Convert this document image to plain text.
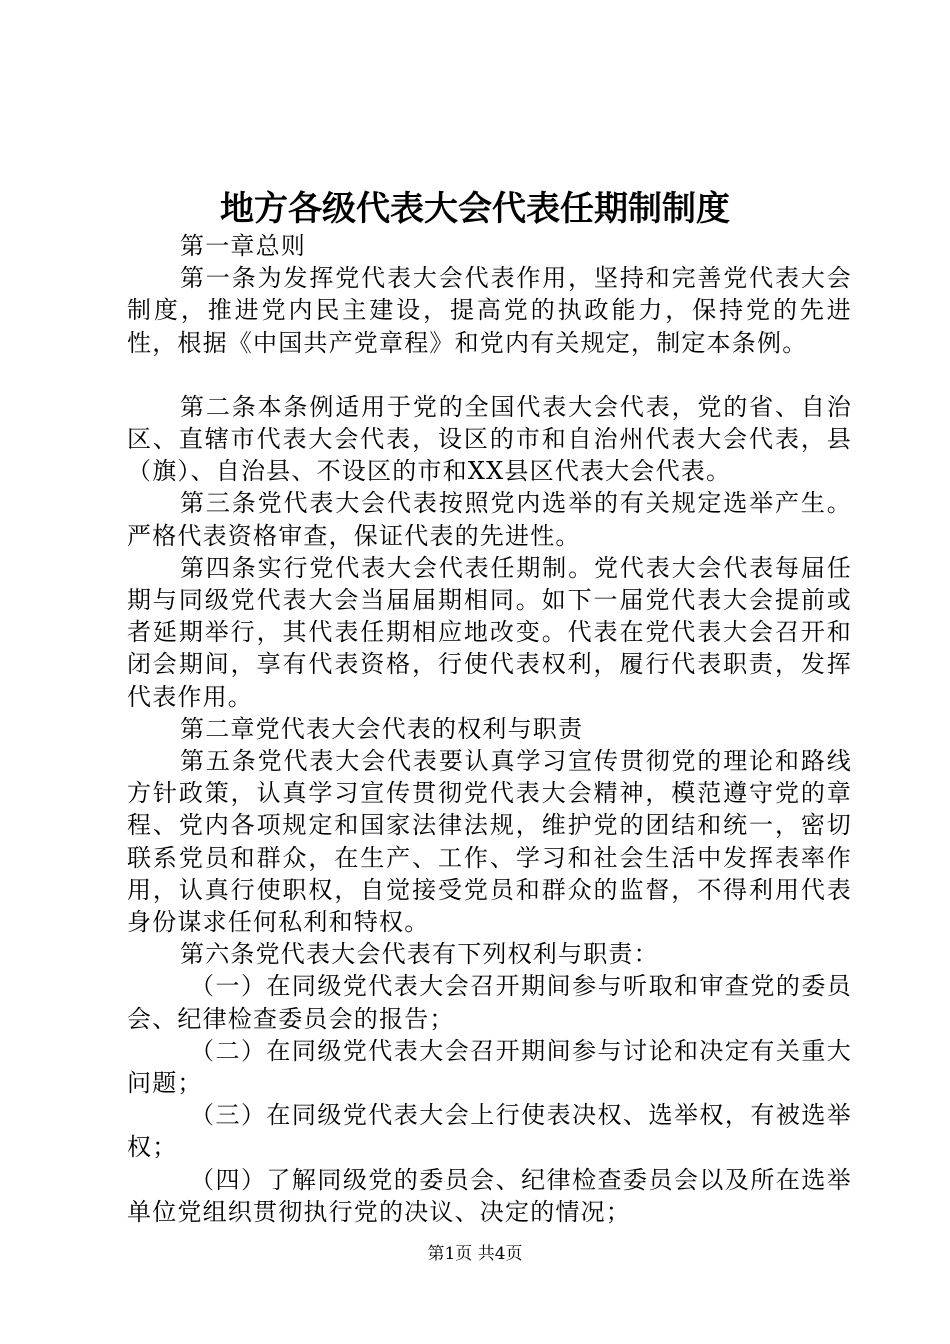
地方各级代表大会代表任期制制度

第一章总则

第一条为发挥党代表大会代表作用，坚持和完善党代表大会制度，推进党内民主建设，提高党的执政能力，保持党的先进性，根据《中国共产党章程》和党内有关规定，制定本条例。

第二条本条例适用于党的全国代表大会代表，党的省、自治区、直辖市代表大会代表，设区的市和自治州代表大会代表，县（旗）、自治县、不设区的市和XX县区代表大会代表。

第三条党代表大会代表按照党内选举的有关规定选举产生。严格代表资格审查，保证代表的先进性。

第四条实行党代表大会代表任期制。党代表大会代表每届任期与同级党代表大会当届届期相同。如下一届党代表大会提前或者延期举行，其代表任期相应地改变。代表在党代表大会召开和闭会期间，享有代表资格，行使代表权利，履行代表职责，发挥代表作用。

第二章党代表大会代表的权利与职责

第五条党代表大会代表要认真学习宣传贯彻党的理论和路线方针政策，认真学习宣传贯彻党代表大会精神，模范遵守党的章程、党内各项规定和国家法律法规，维护党的团结和统一，密切联系党员和群众，在生产、工作、学习和社会生活中发挥表率作用，认真行使职权，自觉接受党员和群众的监督，不得利用代表身份谋求任何私利和特权。

第六条党代表大会代表有下列权利与职责：

（一）在同级党代表大会召开期间参与听取和审查党的委员会、纪律检查委员会的报告；

（二）在同级党代表大会召开期间参与讨论和决定有关重大问题；

（三）在同级党代表大会上行使表决权、选举权，有被选举权；

（四）了解同级党的委员会、纪律检查委员会以及所在选举单位党组织贯彻执行党的决议、决定的情况；

第1页 共4页
